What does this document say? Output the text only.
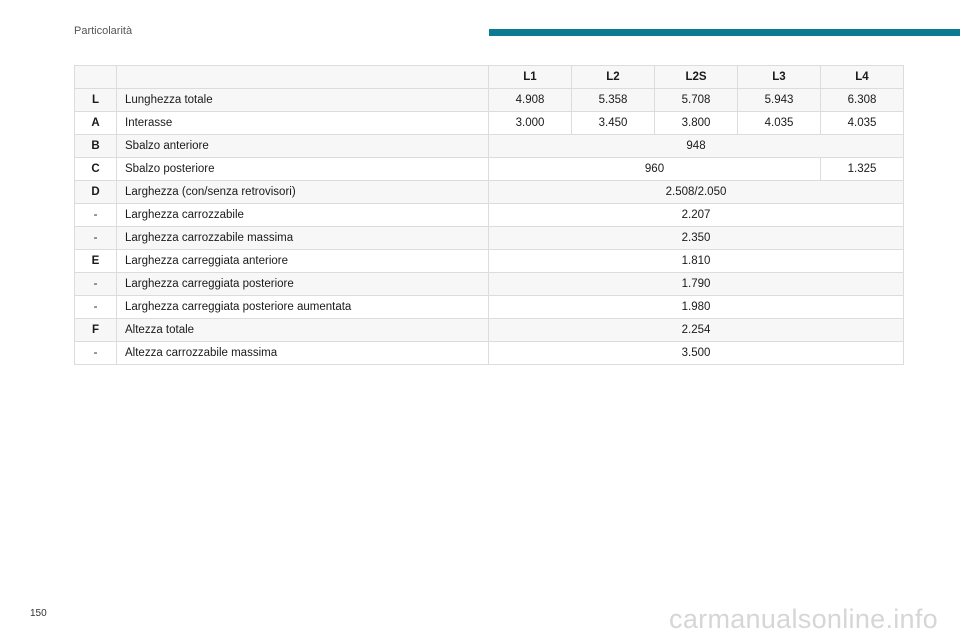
Particolarità
		L1	L2	L2S	L3	L4
L	Lunghezza totale	4.908	5.358	5.708	5.943	6.308
A	Interasse	3.000	3.450	3.800	4.035	4.035
B	Sbalzo anteriore	948				
C	Sbalzo posteriore	960				1.325
D	Larghezza (con/senza retrovisori)	2.508/2.050				
-	Larghezza carrozzabile	2.207				
-	Larghezza carrozzabile massima	2.350				
E	Larghezza carreggiata anteriore	1.810				
-	Larghezza carreggiata posteriore	1.790				
-	Larghezza carreggiata posteriore aumentata	1.980				
F	Altezza totale	2.254				
-	Altezza carrozzabile massima	3.500				
150	carmanualsonline.info
